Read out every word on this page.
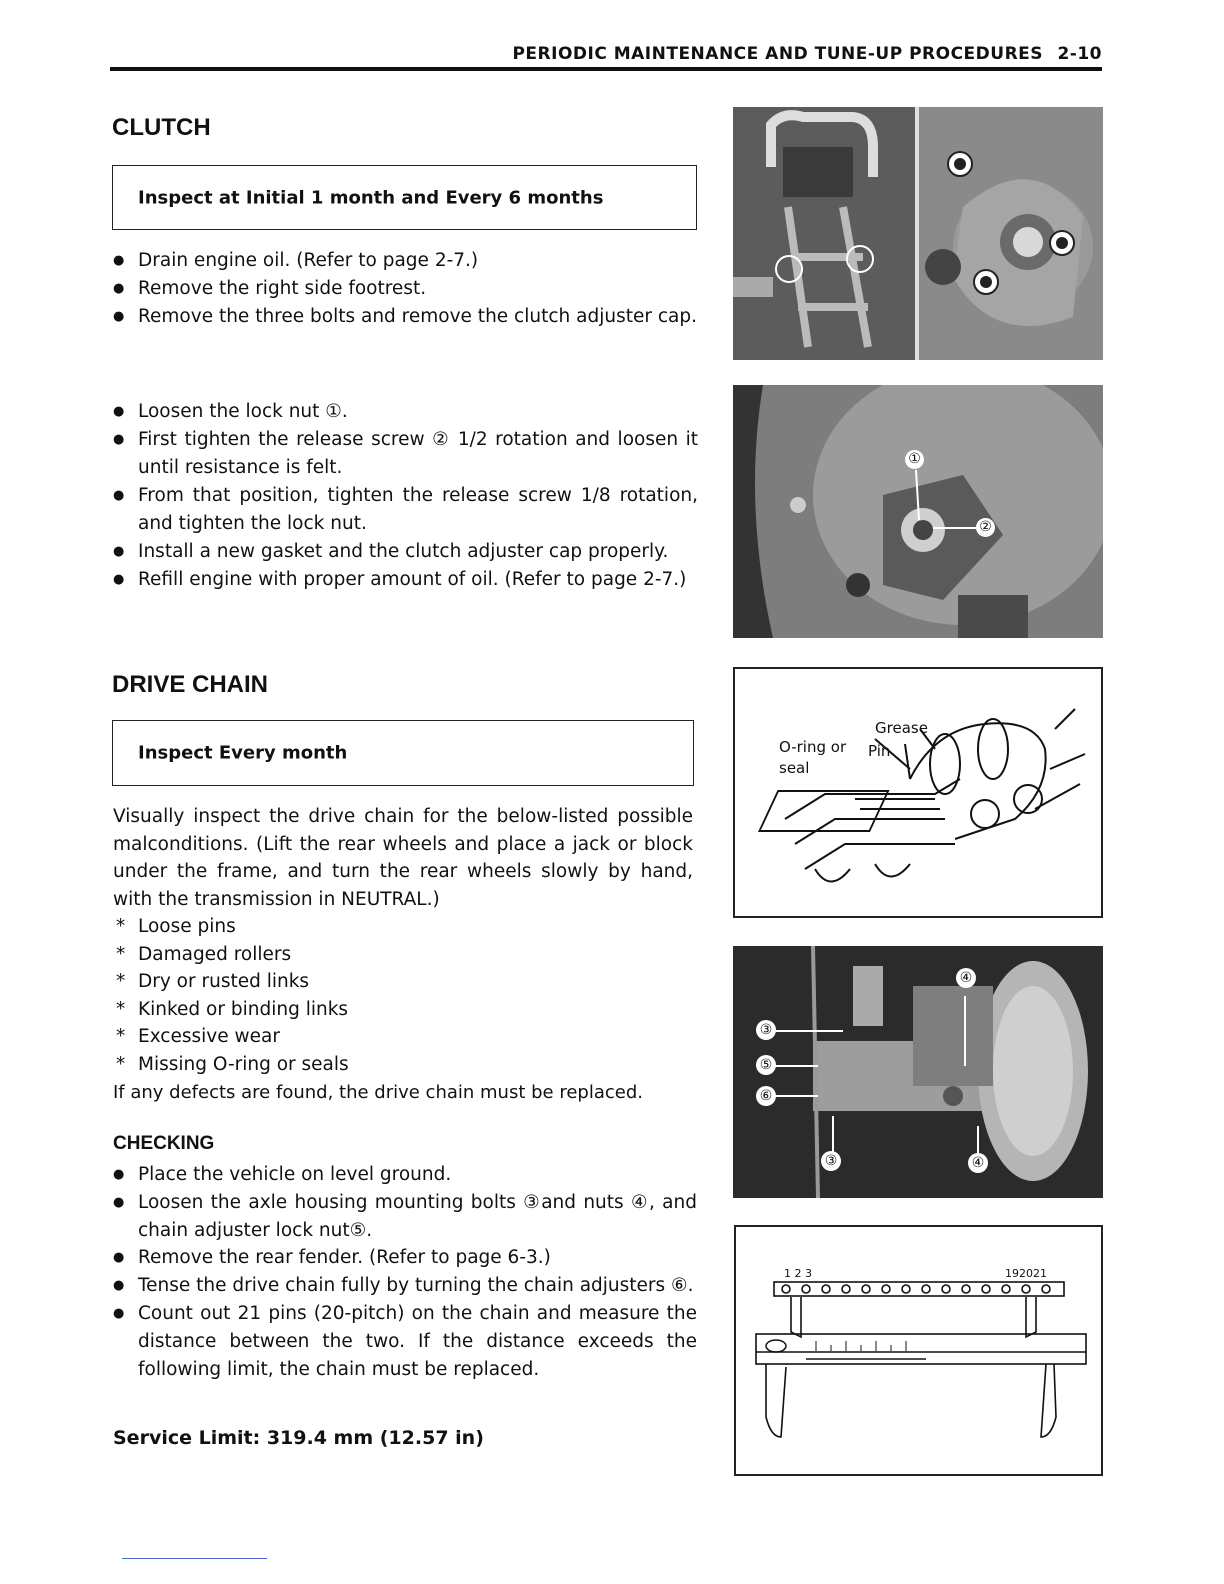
PERIODIC MAINTENANCE AND TUNE-UP PROCEDURES 2-10
CLUTCH
Inspect at Initial 1 month and Every 6 months
● Drain engine oil. (Refer to page 2-7.)
● Remove the right side footrest.
● Remove the three bolts and remove the clutch adjuster cap.
● Loosen the lock nut ①.
● First tighten the release screw ② 1/2 rotation and loosen it until resistance is felt.
● From that position, tighten the release screw 1/8 rotation, and tighten the lock nut.
● Install a new gasket and the clutch adjuster cap properly.
● Refill engine with proper amount of oil. (Refer to page 2-7.)
①
②
DRIVE CHAIN
Inspect Every month

Visually inspect the drive chain for the below-listed possible malconditions. (Lift the rear wheels and place a jack or block under the frame, and turn the rear wheels slowly by hand, with the transmission in NEUTRAL.)

* Loose pins
* Damaged rollers
* Dry or rusted links
* Kinked or binding links
* Excessive wear
* Missing O-ring or seals

If any defects are found, the drive chain must be replaced.

CHECKING
● Place the vehicle on level ground.
● Loosen the axle housing mounting bolts ③and nuts ④, and chain adjuster lock nut⑤.
● Remove the rear fender. (Refer to page 6-3.)
● Tense the drive chain fully by turning the chain adjusters ⑥.
● Count out 21 pins (20-pitch) on the chain and measure the distance between the two. If the distance exceeds the following limit, the chain must be replaced.
Service Limit: 319.4 mm (12.57 in)
Grease
O-ring or
seal
Pin
④
③
⑤
⑥
③	④
1 2 3	192021
